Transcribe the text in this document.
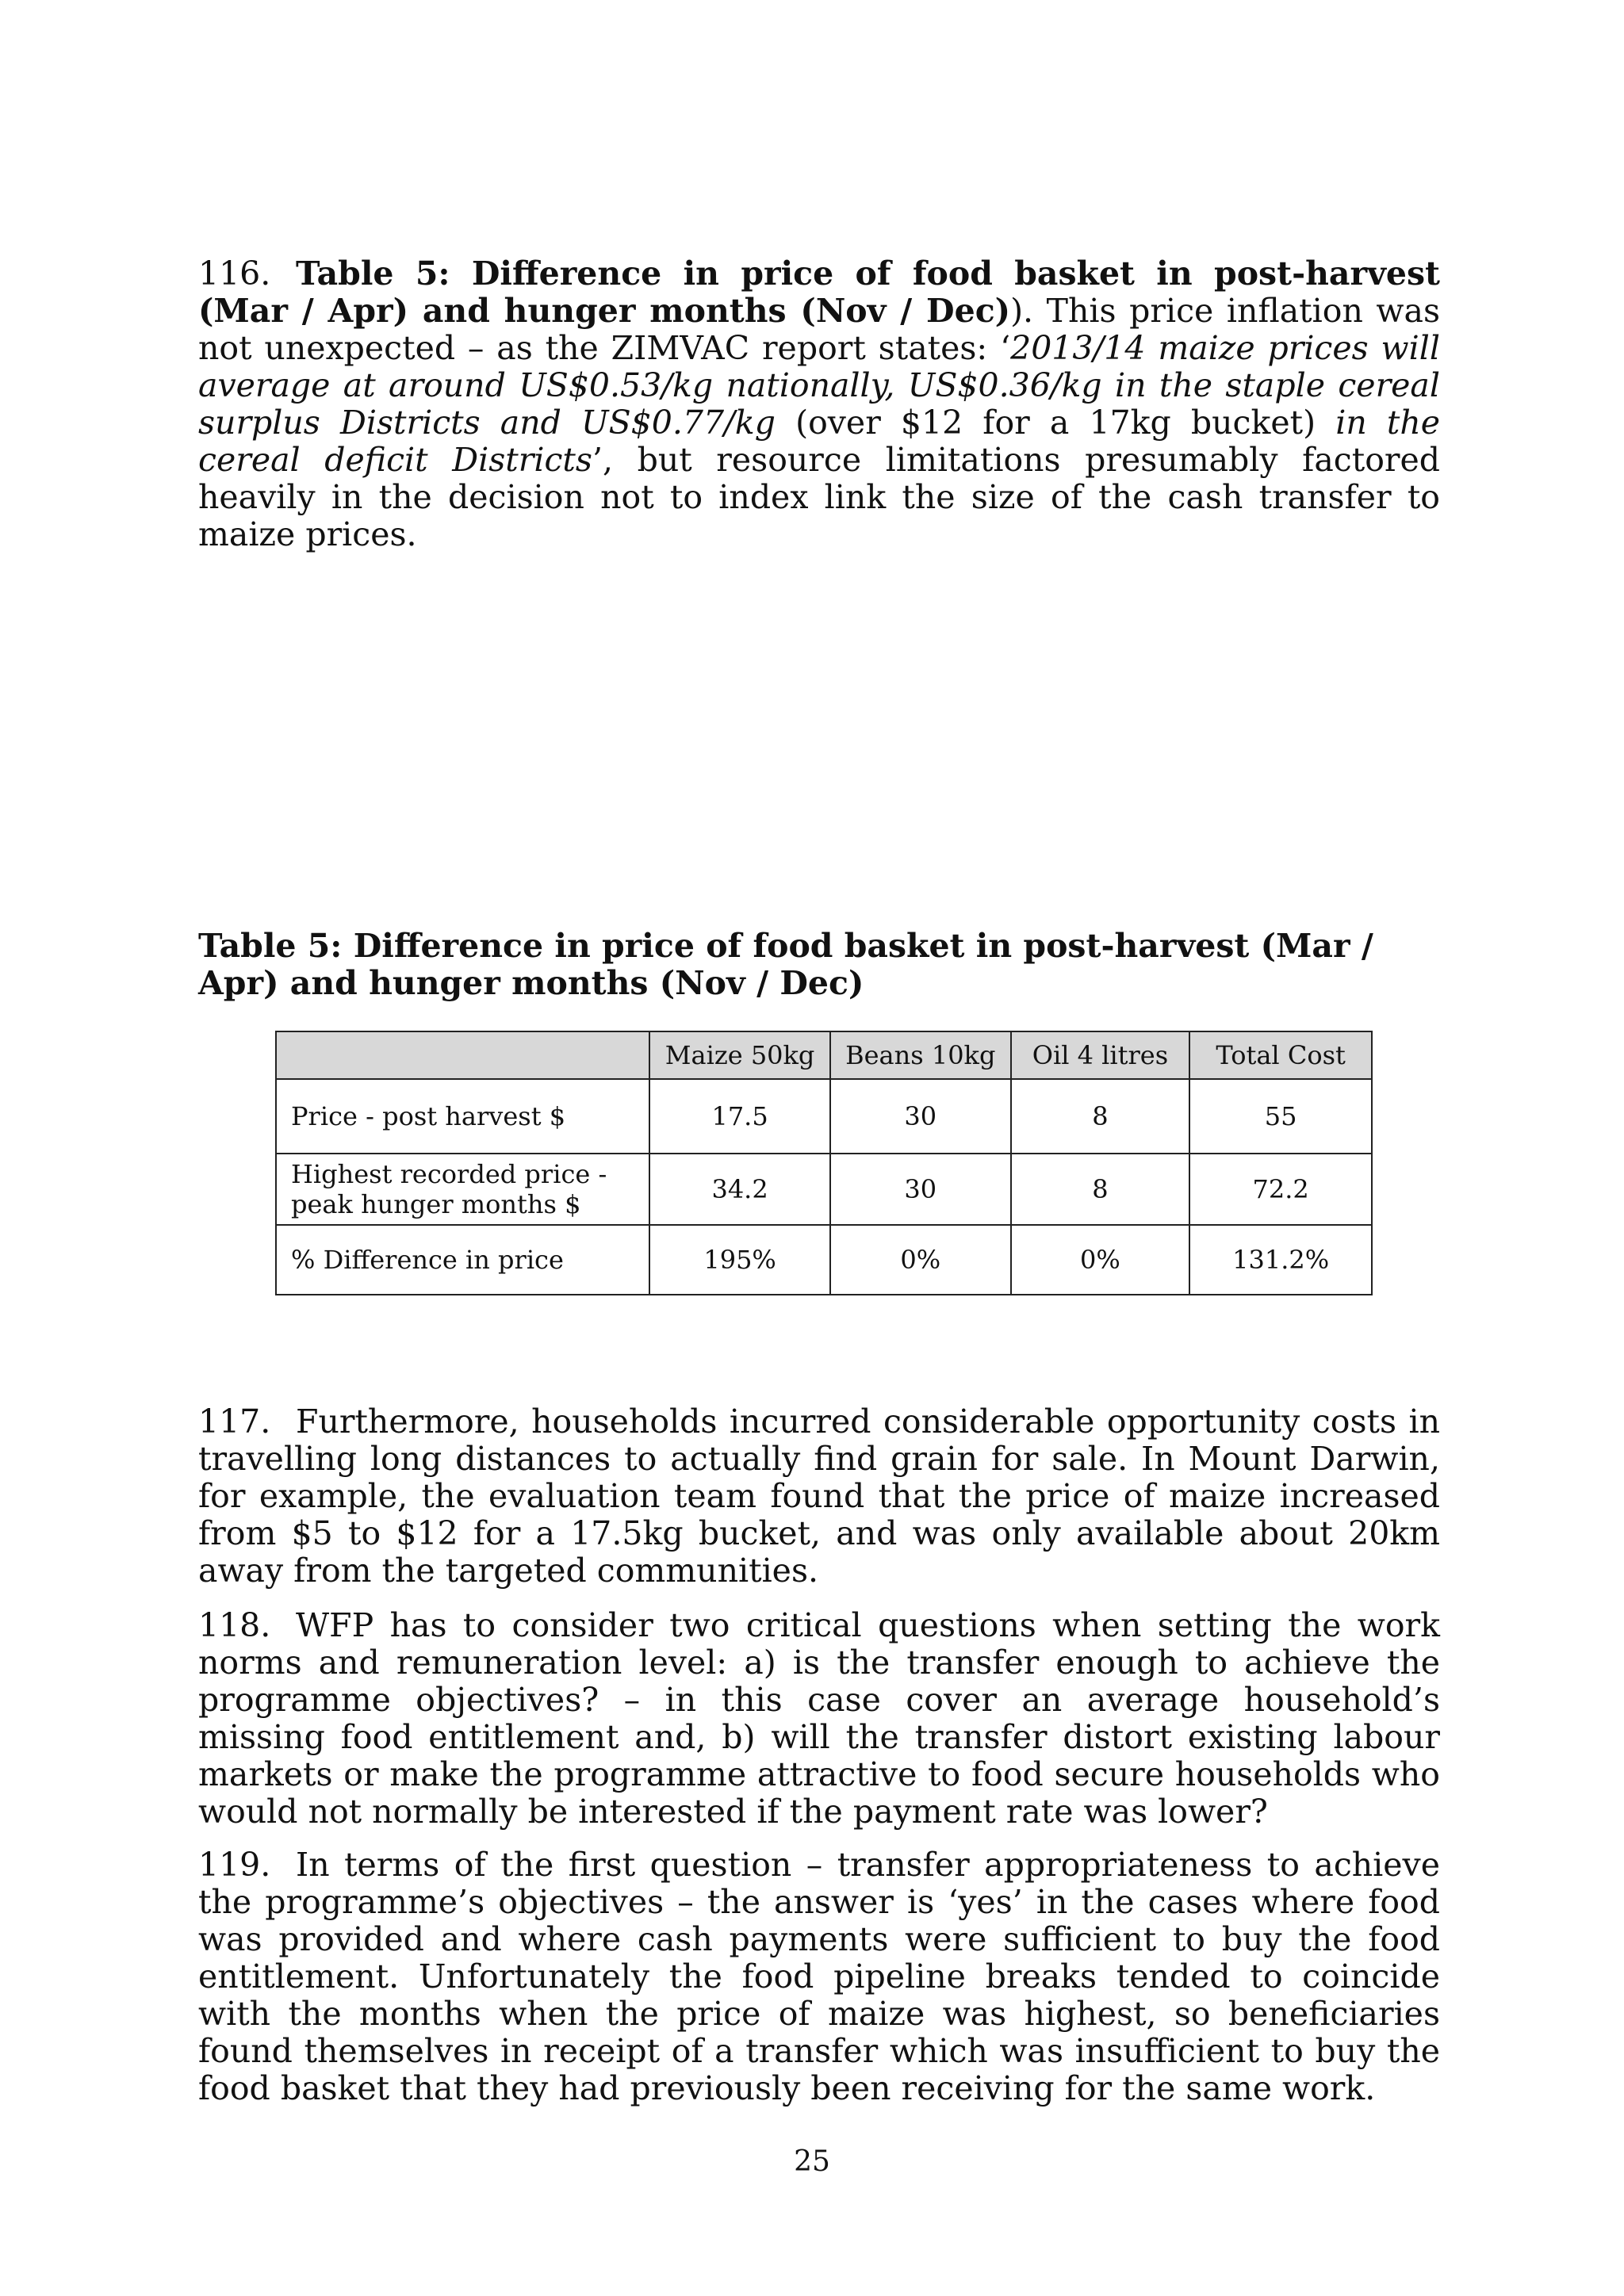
116. Table 5: Difference in price of food basket in post-harvest (Mar / Apr) and hunger months (Nov / Dec)). This price inflation was not unexpected – as the ZIMVAC report states: ‘2013/14 maize prices will average at around US$0.53/kg nationally, US$0.36/kg in the staple cereal surplus Districts and US$0.77/kg (over $12 for a 17kg bucket) in the cereal deficit Districts’, but resource limitations presumably factored heavily in the decision not to index link the size of the cash transfer to maize prices.

Table 5: Difference in price of food basket in post-harvest (Mar / Apr) and hunger months (Nov / Dec)

	Maize 50kg	Beans 10kg	Oil 4 litres	Total Cost
Price - post harvest $	17.5	30	8	55
Highest recorded price - peak hunger months $	34.2	30	8	72.2
% Difference in price	195%	0%	0%	131.2%

117. Furthermore, households incurred considerable opportunity costs in travelling long distances to actually find grain for sale. In Mount Darwin, for example, the evaluation team found that the price of maize increased from $5 to $12 for a 17.5kg bucket, and was only available about 20km away from the targeted communities.

118. WFP has to consider two critical questions when setting the work norms and remuneration level: a) is the transfer enough to achieve the programme objectives? – in this case cover an average household’s missing food entitlement and, b) will the transfer distort existing labour markets or make the programme attractive to food secure households who would not normally be interested if the payment rate was lower?

119. In terms of the first question – transfer appropriateness to achieve the programme’s objectives – the answer is ‘yes’ in the cases where food was provided and where cash payments were sufficient to buy the food entitlement. Unfortunately the food pipeline breaks tended to coincide with the months when the price of maize was highest, so beneficiaries found themselves in receipt of a transfer which was insufficient to buy the food basket that they had previously been receiving for the same work.

25
